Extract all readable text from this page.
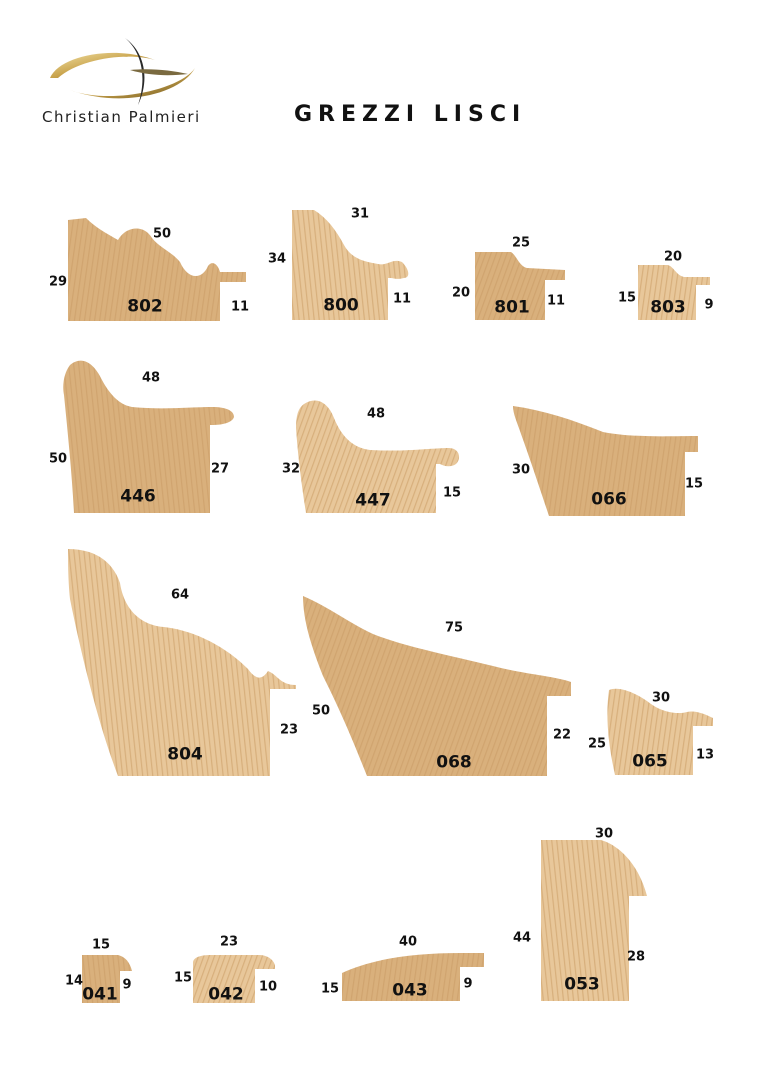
Christian Palmieri	GREZZI LISCI
50
29
11
802
31
34
11
800
25
20
11
801
20
15	9
803
48
50
27
446
48
32
15
447
30
15
066
64
23
804
75
50
22
068
30
25
13
065
15
14	9
041
23
15
10
042
40
15	9
043
30
44
28
053
